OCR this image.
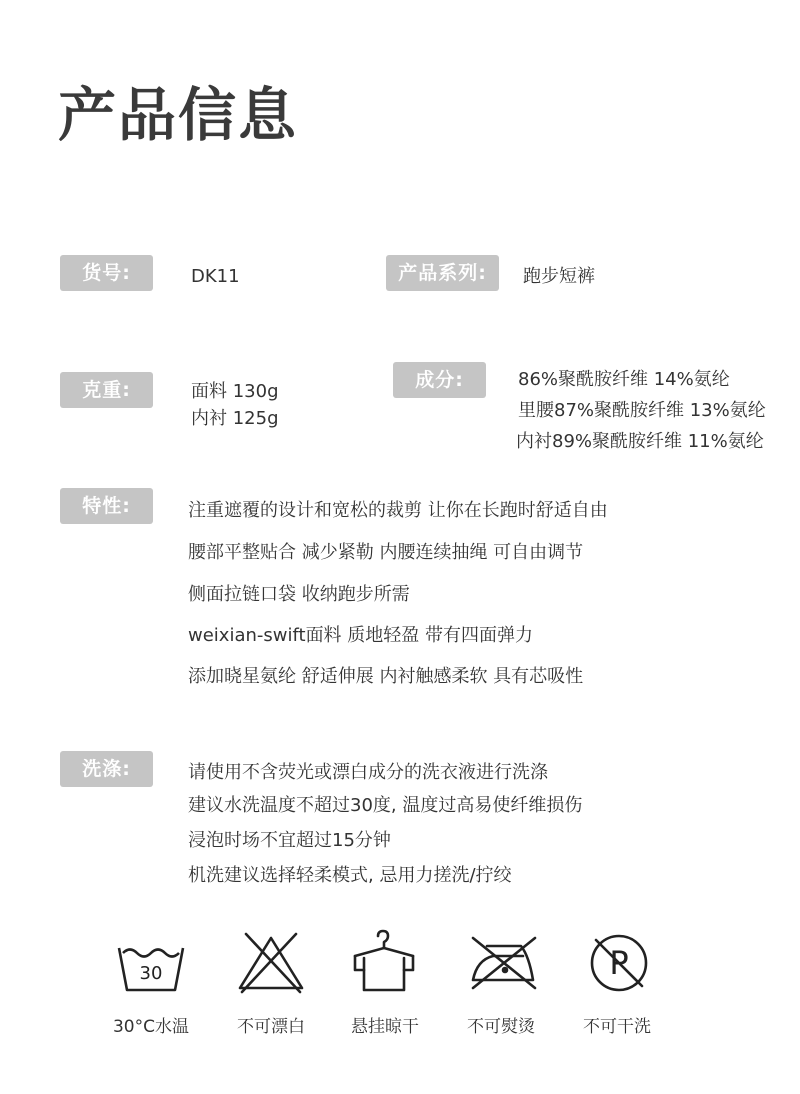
产品信息
货号:	DK11	产品系列:	跑步短裤
克重:	面料 130g
内衬 125g
成分:	86%聚酰胺纤维 14%氨纶
里腰87%聚酰胺纤维 13%氨纶
内衬89%聚酰胺纤维 11%氨纶
特性:	注重遮覆的设计和宽松的裁剪 让你在长跑时舒适自由
腰部平整贴合 减少紧勒 内腰连续抽绳 可自由调节
侧面拉链口袋 收纳跑步所需
weixian-swift面料 质地轻盈 带有四面弹力
添加晓星氨纶 舒适伸展 内衬触感柔软 具有芯吸性
洗涤:	请使用不含荧光或漂白成分的洗衣液进行洗涤
建议水洗温度不超过30度, 温度过高易使纤维损伤
浸泡时场不宜超过15分钟
机洗建议选择轻柔模式, 忌用力搓洗/拧绞
30	P
30°C水温	不可漂白	悬挂晾干	不可熨烫	不可干洗
